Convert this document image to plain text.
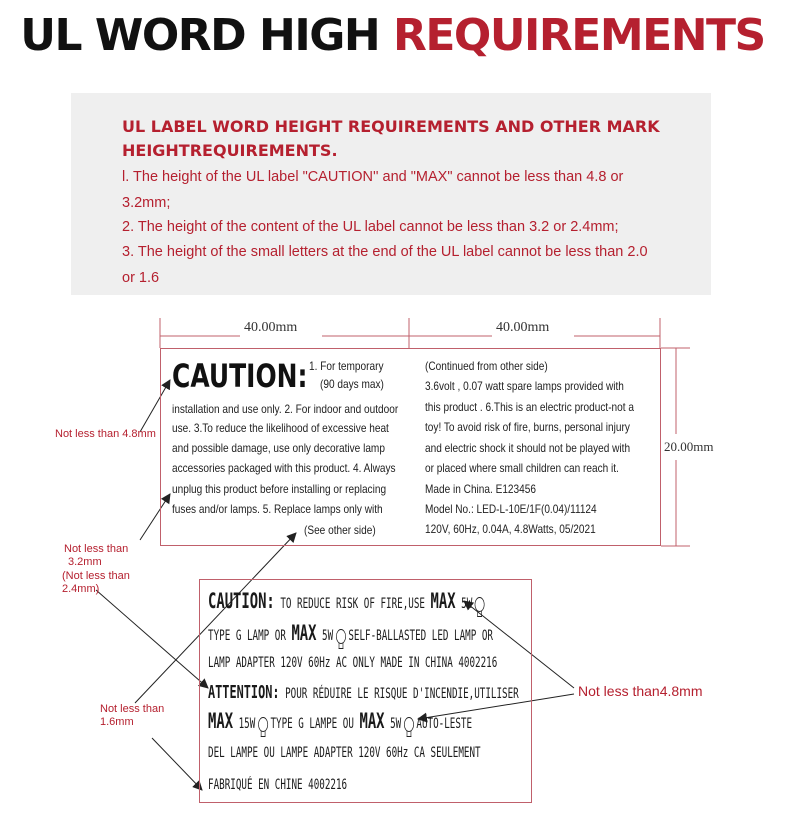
UL WORD HIGH REQUIREMENTS
UL LABEL WORD HEIGHT REQUIREMENTS AND OTHER MARK
HEIGHTREQUIREMENTS.
l. The height of the UL label "CAUTION'' and "MAX" cannot be less than 4.8 or
3.2mm;
2. The height of the content of the UL label cannot be less than 3.2 or 2.4mm;
3. The height of the small letters at the end of the UL label cannot be less than 2.0
or 1.6
40.00mm	40.00mm
20.00mm
CAUTION: 1. For temporary
(90 days max)
installation and use only. 2. For indoor and outdoor
use. 3.To reduce the likelihood of excessive heat
and possible damage, use only decorative lamp
accessories packaged with this product. 4. Always
unplug this product before installing or replacing
fuses and/or lamps. 5. Replace lamps only with
(See other side)
(Continued from other side)
3.6volt , 0.07 watt spare lamps provided with
this product . 6.This is an electric product-not a
toy! To avoid risk of fire, burns, personal injury
and electric shock it should not be played with
or placed where small children can reach it.
Made in China. E123456
Model No.: LED-L-10E/1F(0.04)/11124
120V, 60Hz, 0.04A, 4.8Watts, 05/2021
Not less than 4.8mm
Not less than
3.2mm
(Not less than
2.4mm)
Not less than
1.6mm
Not less than4.8mm
CAUTION: TO REDUCE RISK OF FIRE,USE MAX 5W
TYPE G LAMP OR MAX 5W SELF-BALLASTED LED LAMP OR
LAMP ADAPTER 120V 60Hz AC ONLY MADE IN CHINA 4002216
ATTENTION: POUR RÉDUIRE LE RISQUE D'INCENDIE,UTILISER
MAX 15W TYPE G LAMPE OU MAX 5W AUTO-LESTE
DEL LAMPE OU LAMPE ADAPTER 120V 60Hz CA SEULEMENT
FABRIQUÉ EN CHINE 4002216
